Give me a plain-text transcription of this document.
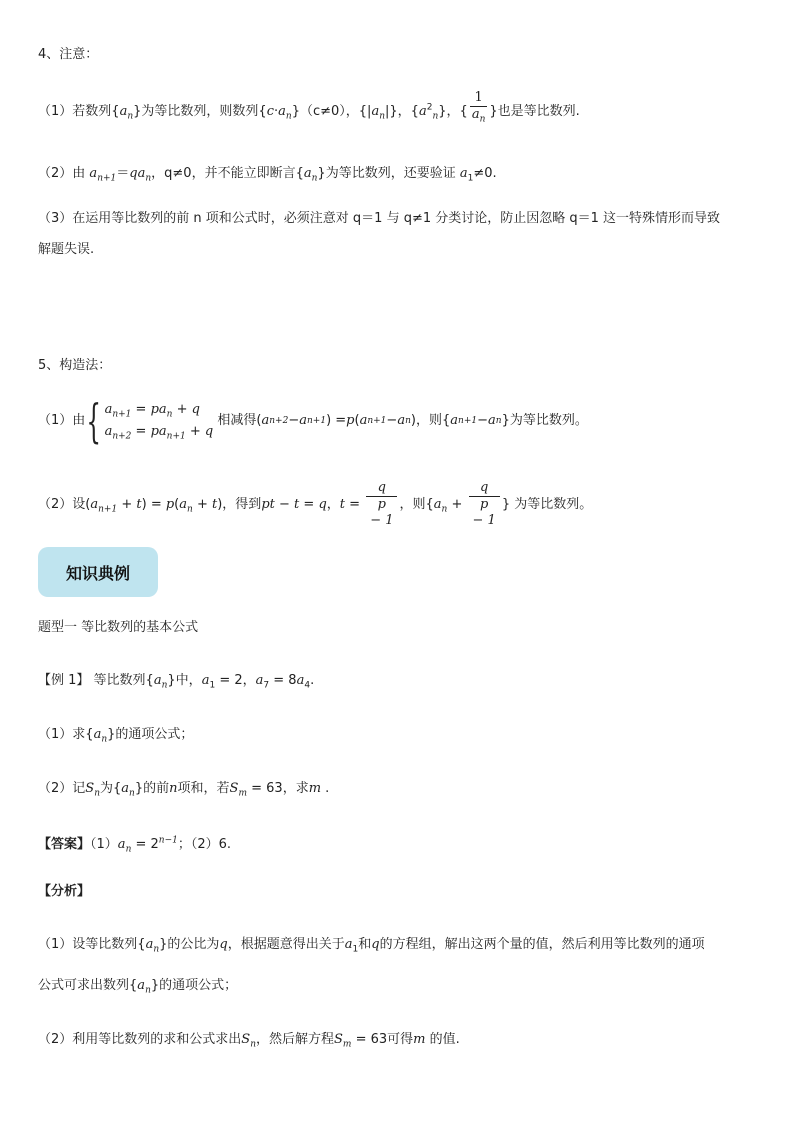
4、注意：
（1）若数列$\{a_n\}$为等比数列，则数列$\{c\cdot a_n\}(c\ne 0)$，$\{|a_n|\}$，$\{a^2_n\}$，{ $\frac{1}{a_n}$ }也是等比数列.
（2）由 $a_{n+1}=qa_n$，q≠0，并不能立即断言$\{a_n\}$为等比数列，还要验证 $a_1\ne 0$.
（3）在运用等比数列的前 n 项和公式时，必须注意对 q＝1 与 q≠1 分类讨论，防止因忽略 q＝1 这一特殊情形而导致
解题失误.
5、构造法：
（1）由 { $a_{n+1} = pa_n + q$
$a_{n+2} = pa_{n+1} + q$

相减得 ( a n+2 − a n+1 ) = p ( a n+1 − a n ) ，则 { a n+1 − a n } 为等比数列。
（2）设$(a_{n+1} + t) = p(a_n + t)$，得到pt − t = q，t = q
p
− 1 ，则{$a_n + q$
p
− 1 } 为等比数列。
知识典例
题型一 等比数列的基本公式
【例 1】 等比数列$\{a_n\}$中，$a_1 = 2$，$a_7 = 8a_4$.
（1）求$\{a_n\}$的通项公式；
（2）记$S_n$为$\{a_n\}$的前n项和，若$S_m = 63$，求m .
【答案】$(1)a_n = 2^{n-1}$；（2）6.
【分析】
（1）设等比数列$\{a_n\}$的公比为q，根据题意得出关于$a_1$和q的方程组，解出这两个量的值，然后利用等比数列的通项
公式可求出数列$\{a_n\}$的通项公式；
（2）利用等比数列的求和公式求出$S_n$，然后解方程$S_m = 63$可得m 的值.
